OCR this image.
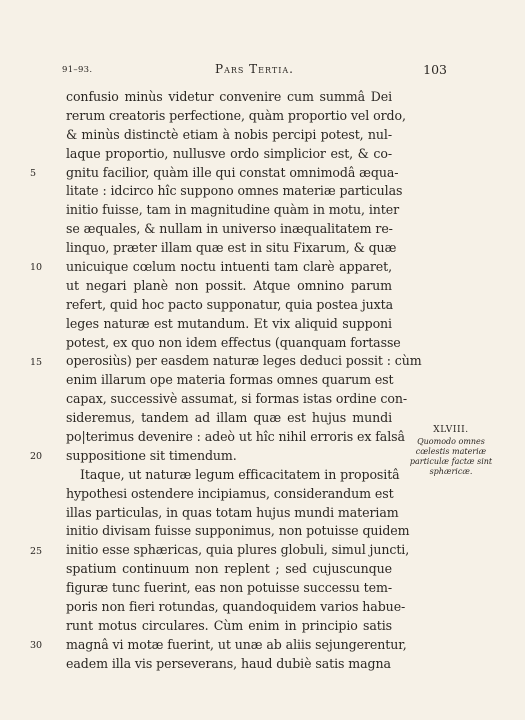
91–93.	Pars Tertia.	103
confusio minùs videtur convenire cum summâ Dei
rerum creatoris perfectione, quàm proportio vel ordo,
& minùs distinctè etiam à nobis percipi potest, nul-
laque proportio, nullusve ordo simplicior est, & co-
gnitu facilior, quàm ille qui constat omnimodâ æqua-
litate : idcirco hîc suppono omnes materiæ particulas
initio fuisse, tam in magnitudine quàm in motu, inter
se æquales, & nullam in universo inæqualitatem re-
linquo, præter illam quæ est in situ Fixarum, & quæ
unicuique cœlum noctu intuenti tam clarè apparet,
ut negari planè non possit. Atque omnino parum
refert, quid hoc pacto supponatur, quia postea juxta
leges naturæ est mutandum. Et vix aliquid supponi
potest, ex quo non idem effectus (quanquam fortasse
operosiùs) per easdem naturæ leges deduci possit : cùm
enim illarum ope materia formas omnes quarum est
capax, successivè assumat, si formas istas ordine con-
sideremus, tandem ad illam quæ est hujus mundi
po|terimus devenire : adeò ut hîc nihil erroris ex falsâ
suppositione sit timendum.
Itaque, ut naturæ legum efficacitatem in propositâ
hypothesi ostendere incipiamus, considerandum est
illas particulas, in quas totam hujus mundi materiam
initio divisam fuisse supponimus, non potuisse quidem
initio esse sphæricas, quia plures globuli, simul juncti,
spatium continuum non replent ; sed cujuscunque
figuræ tunc fuerint, eas non potuisse successu tem-
poris non fieri rotundas, quandoquidem varios habue-
runt motus circulares. Cùm enim in principio satis
magnâ vi motæ fuerint, ut unæ ab aliis sejungerentur,
eadem illa vis perseverans, haud dubiè satis magna
5
10
15
20
25
30
XLVIII.
Quomodo omnes cœlestis materiæ particulæ factæ sint sphæricæ.
